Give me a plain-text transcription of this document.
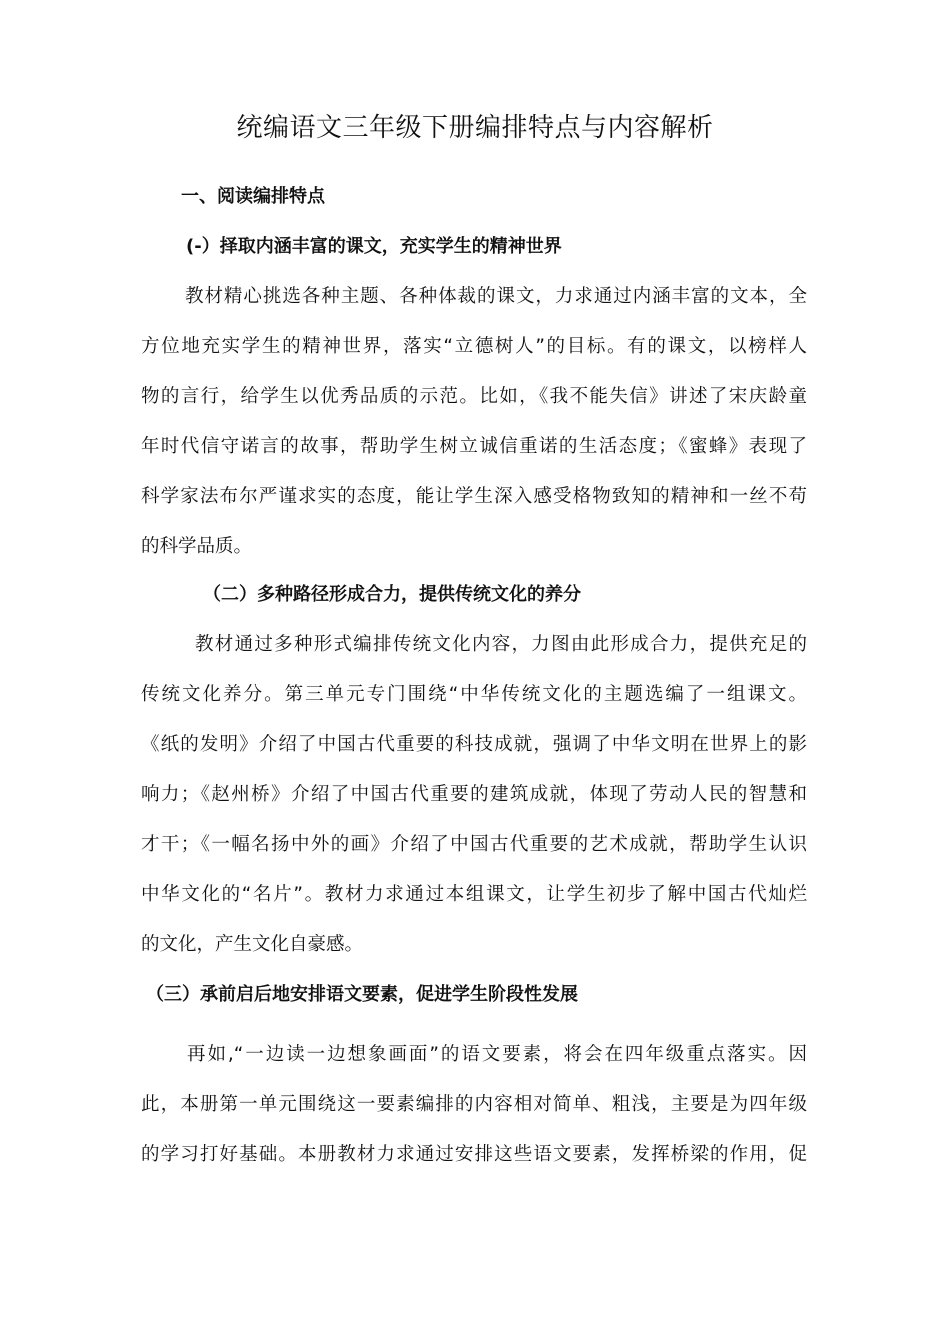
统编语文三年级下册编排特点与内容解析
一、阅读编排特点
(-）择取内涵丰富的课文，充实学生的精神世界
教材精心挑选各种主题、各种体裁的课文，力求通过内涵丰富的文本，全
方位地充实学生的精神世界，落实“立德树人”的目标。有的课文，以榜样人
物的言行，给学生以优秀品质的示范。比如，《我不能失信》讲述了宋庆龄童
年时代信守诺言的故事，帮助学生树立诚信重诺的生活态度；《蜜蜂》表现了
科学家法布尔严谨求实的态度，能让学生深入感受格物致知的精神和一丝不苟
的科学品质。
（二）多种路径形成合力，提供传统文化的养分
教材通过多种形式编排传统文化内容，力图由此形成合力，提供充足的
传统文化养分。第三单元专门围绕“中华传统文化的主题选编了一组课文。
《纸的发明》介绍了中国古代重要的科技成就，强调了中华文明在世界上的影
响力；《赵州桥》介绍了中国古代重要的建筑成就，体现了劳动人民的智慧和
才干；《一幅名扬中外的画》介绍了中国古代重要的艺术成就，帮助学生认识
中华文化的“名片”。教材力求通过本组课文，让学生初步了解中国古代灿烂
的文化，产生文化自豪感。
（三）承前启后地安排语文要素，促进学生阶段性发展
再如,“一边读一边想象画面”的语文要素，将会在四年级重点落实。因
此，本册第一单元围绕这一要素编排的内容相对简单、粗浅，主要是为四年级
的学习打好基础。本册教材力求通过安排这些语文要素，发挥桥梁的作用，促
